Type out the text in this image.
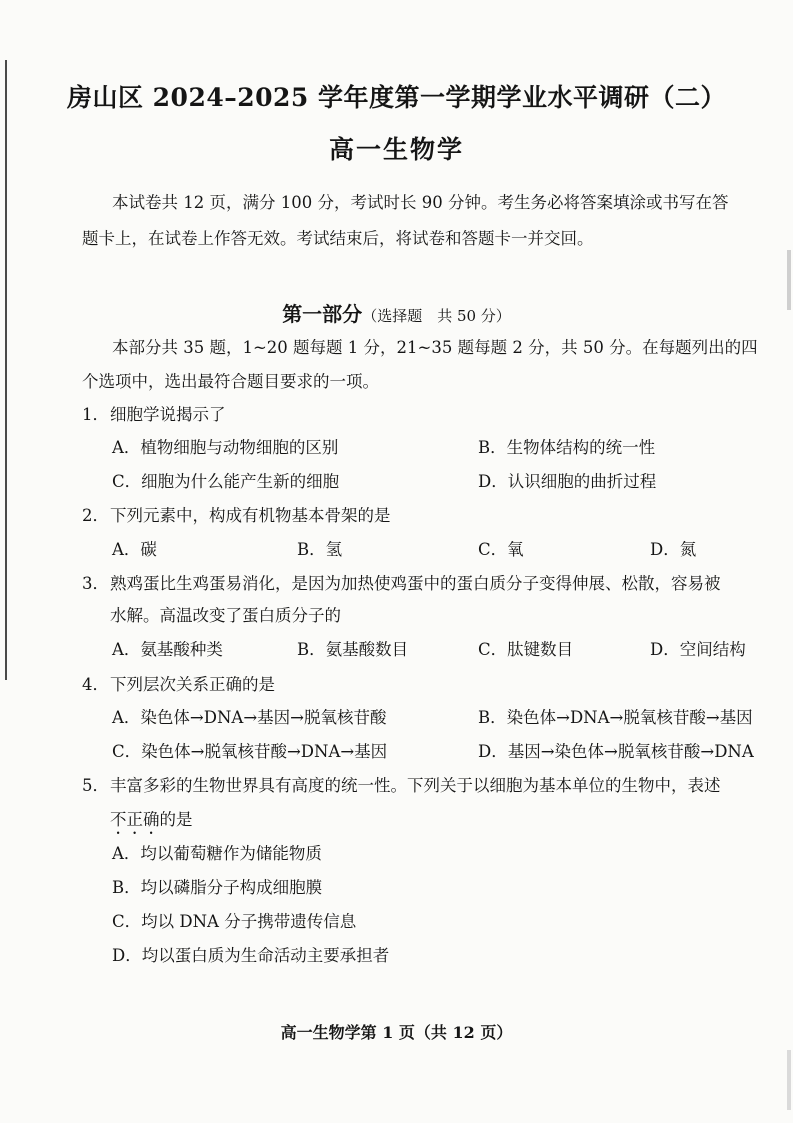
房山区 2024–2025 学年度第一学期学业水平调研（二）
高一生物学
本试卷共 12 页，满分 100 分，考试时长 90 分钟。考生务必将答案填涂或书写在答
题卡上，在试卷上作答无效。考试结束后，将试卷和答题卡一并交回。
第一部分（选择题　共 50 分）
本部分共 35 题，1~20 题每题 1 分，21~35 题每题 2 分，共 50 分。在每题列出的四
个选项中，选出最符合题目要求的一项。
1．细胞学说揭示了
A．植物细胞与动物细胞的区别	B．生物体结构的统一性
C．细胞为什么能产生新的细胞	D．认识细胞的曲折过程
2．下列元素中，构成有机物基本骨架的是
A．碳	B．氢	C．氧	D．氮
3．熟鸡蛋比生鸡蛋易消化，是因为加热使鸡蛋中的蛋白质分子变得伸展、松散，容易被
水解。高温改变了蛋白质分子的
A．氨基酸种类	B．氨基酸数目	C．肽键数目	D．空间结构
4．下列层次关系正确的是
A．染色体→DNA→基因→脱氧核苷酸	B．染色体→DNA→脱氧核苷酸→基因
C．染色体→脱氧核苷酸→DNA→基因	D．基因→染色体→脱氧核苷酸→DNA
5．丰富多彩的生物世界具有高度的统一性。下列关于以细胞为基本单位的生物中，表述
不正确的是
A．均以葡萄糖作为储能物质
B．均以磷脂分子构成细胞膜
C．均以 DNA 分子携带遗传信息
D．均以蛋白质为生命活动主要承担者
高一生物学第 1 页（共 12 页）
